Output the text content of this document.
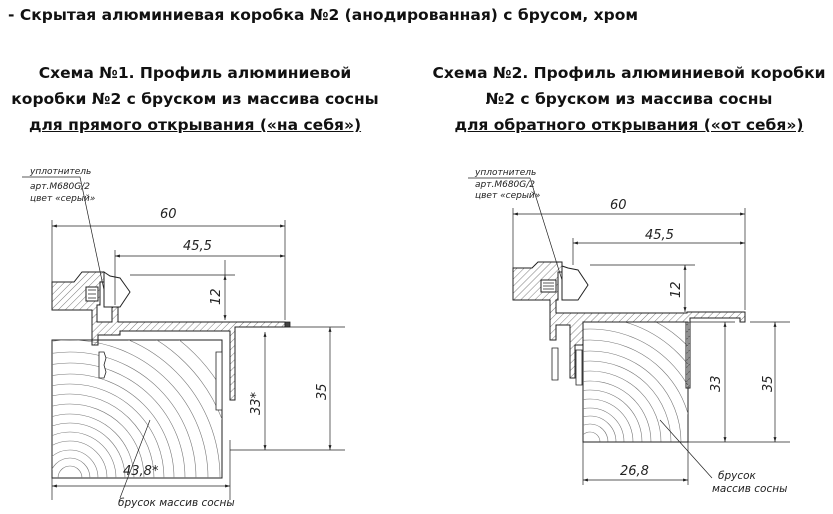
- Скрытая алюминиевая коробка №2 (анодированная) с брусом, хром
Схема №1. Профиль алюминиевой
коробки №2 с бруском из массива сосны
для прямого открывания («на себя»)
Схема №2. Профиль алюминиевой коробки
№2 с бруском из массива сосны
для обратного открывания («от себя»)
уплотнитель
арт.М680G/2
цвет «серый»
60
45,5
12
33*
35
43,8*
брусок массив сосны
уплотнитель
арт.М680G/2
цвет «серый»
60
45,5
12
33	35
26,8	брусок
массив сосны
